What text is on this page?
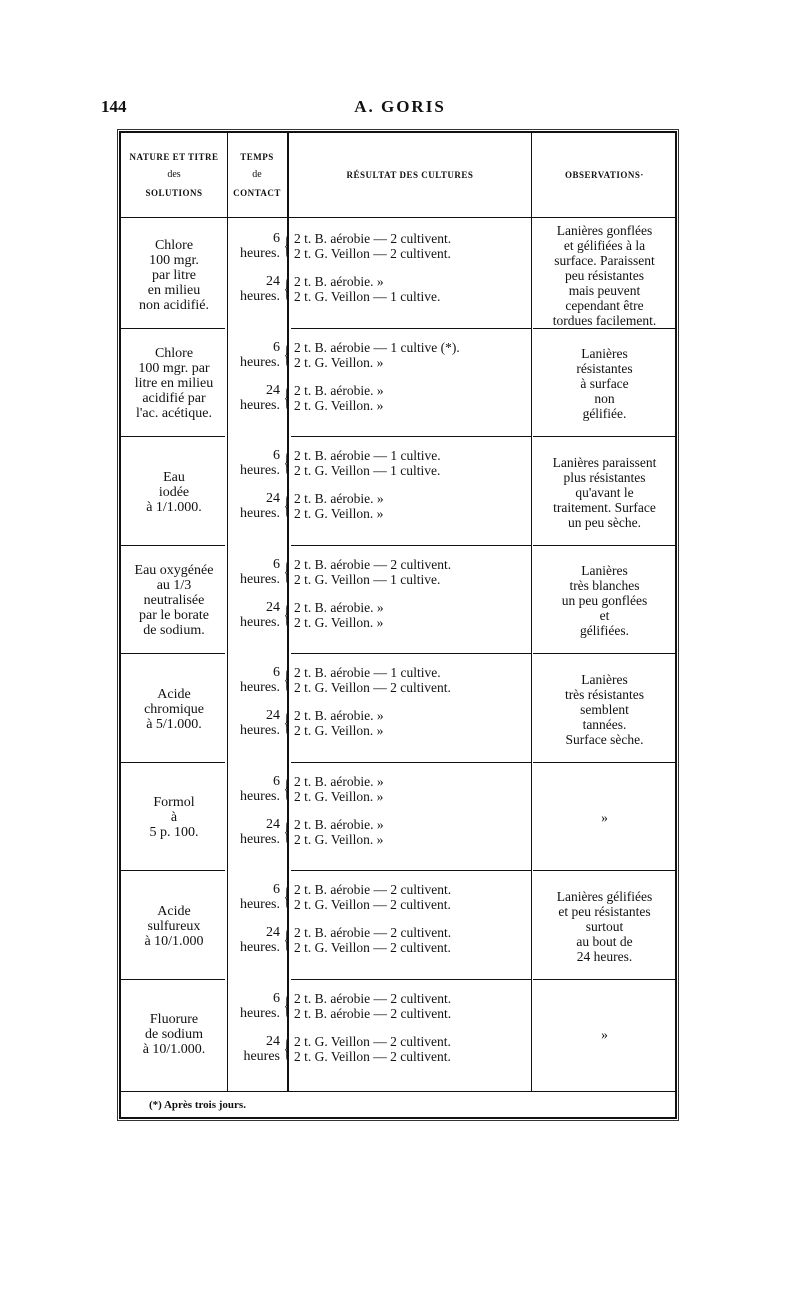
144	A. GORIS
NATURE ET TITRE
des
SOLUTIONS
TEMPS
de
CONTACT
RÉSULTAT DES CULTURES	OBSERVATIONS·
Chlore
100 mgr.
par litre
en milieu
non acidifié.
6
heures. {
24
heures. {
2 t. B. aérobie — 2 cultivent.
2 t. G. Veillon — 2 cultivent.
2 t. B. aérobie. »
2 t. G. Veillon — 1 cultive.
Lanières gonflées
et gélifiées à la
surface. Paraissent
peu résistantes
mais peuvent
cependant être
tordues facilement.
Chlore
100 mgr. par
litre en milieu
acidifié par
l'ac. acétique.
6
heures. {
24
heures. {
2 t. B. aérobie — 1 cultive (*).
2 t. G. Veillon. »
2 t. B. aérobie. »
2 t. G. Veillon. »
Lanières
résistantes
à surface
non
gélifiée.
Eau
iodée
à 1/1.000.
6
heures. {
24
heures. {
2 t. B. aérobie — 1 cultive.
2 t. G. Veillon — 1 cultive.
2 t. B. aérobie. »
2 t. G. Veillon. »
Lanières paraissent
plus résistantes
qu'avant le
traitement. Surface
un peu sèche.
Eau oxygénée
au 1/3
neutralisée
par le borate
de sodium.
6
heures. {
24
heures. {
2 t. B. aérobie — 2 cultivent.
2 t. G. Veillon — 1 cultive.
2 t. B. aérobie. »
2 t. G. Veillon. »
Lanières
très blanches
un peu gonflées
et
gélifiées.
Acide
chromique
à 5/1.000.
6
heures. {
24
heures. {
2 t. B. aérobie — 1 cultive.
2 t. G. Veillon — 2 cultivent.
2 t. B. aérobie. »
2 t. G. Veillon. »
Lanières
très résistantes
semblent
tannées.
Surface sèche.
Formol
à
5 p. 100.
6
heures. {
24
heures. {
2 t. B. aérobie. »
2 t. G. Veillon. »
2 t. B. aérobie. »
2 t. G. Veillon. »
»
Acide
sulfureux
à 10/1.000
6
heures. {
24
heures. {
2 t. B. aérobie — 2 cultivent.
2 t. G. Veillon — 2 cultivent.
2 t. B. aérobie — 2 cultivent.
2 t. G. Veillon — 2 cultivent.
Lanières gélifiées
et peu résistantes
surtout
au bout de
24 heures.
Fluorure
de sodium
à 10/1.000.
6
heures. {
24
heures {
2 t. B. aérobie — 2 cultivent.
2 t. B. aérobie — 2 cultivent.
2 t. G. Veillon — 2 cultivent.
2 t. G. Veillon — 2 cultivent.
»
(*) Après trois jours.
